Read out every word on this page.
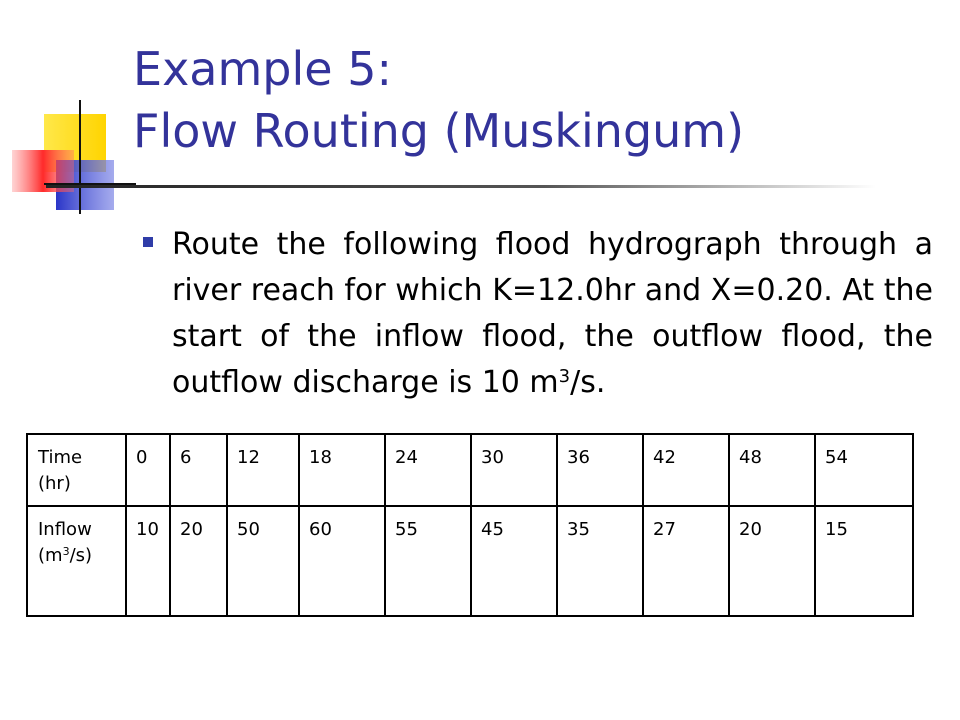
Example 5:
Flow Routing (Muskingum)
Route the following flood hydrograph through a river reach for which K=12.0hr and X=0.20. At the start of the inflow flood, the outflow flood, the outflow discharge is 10 $m^3/s$.
Time (hr)	0	6	12	18	24	30	36	42	48	54
Inflow $(m^3/s)$	10	20	50	60	55	45	35	27	20	15
